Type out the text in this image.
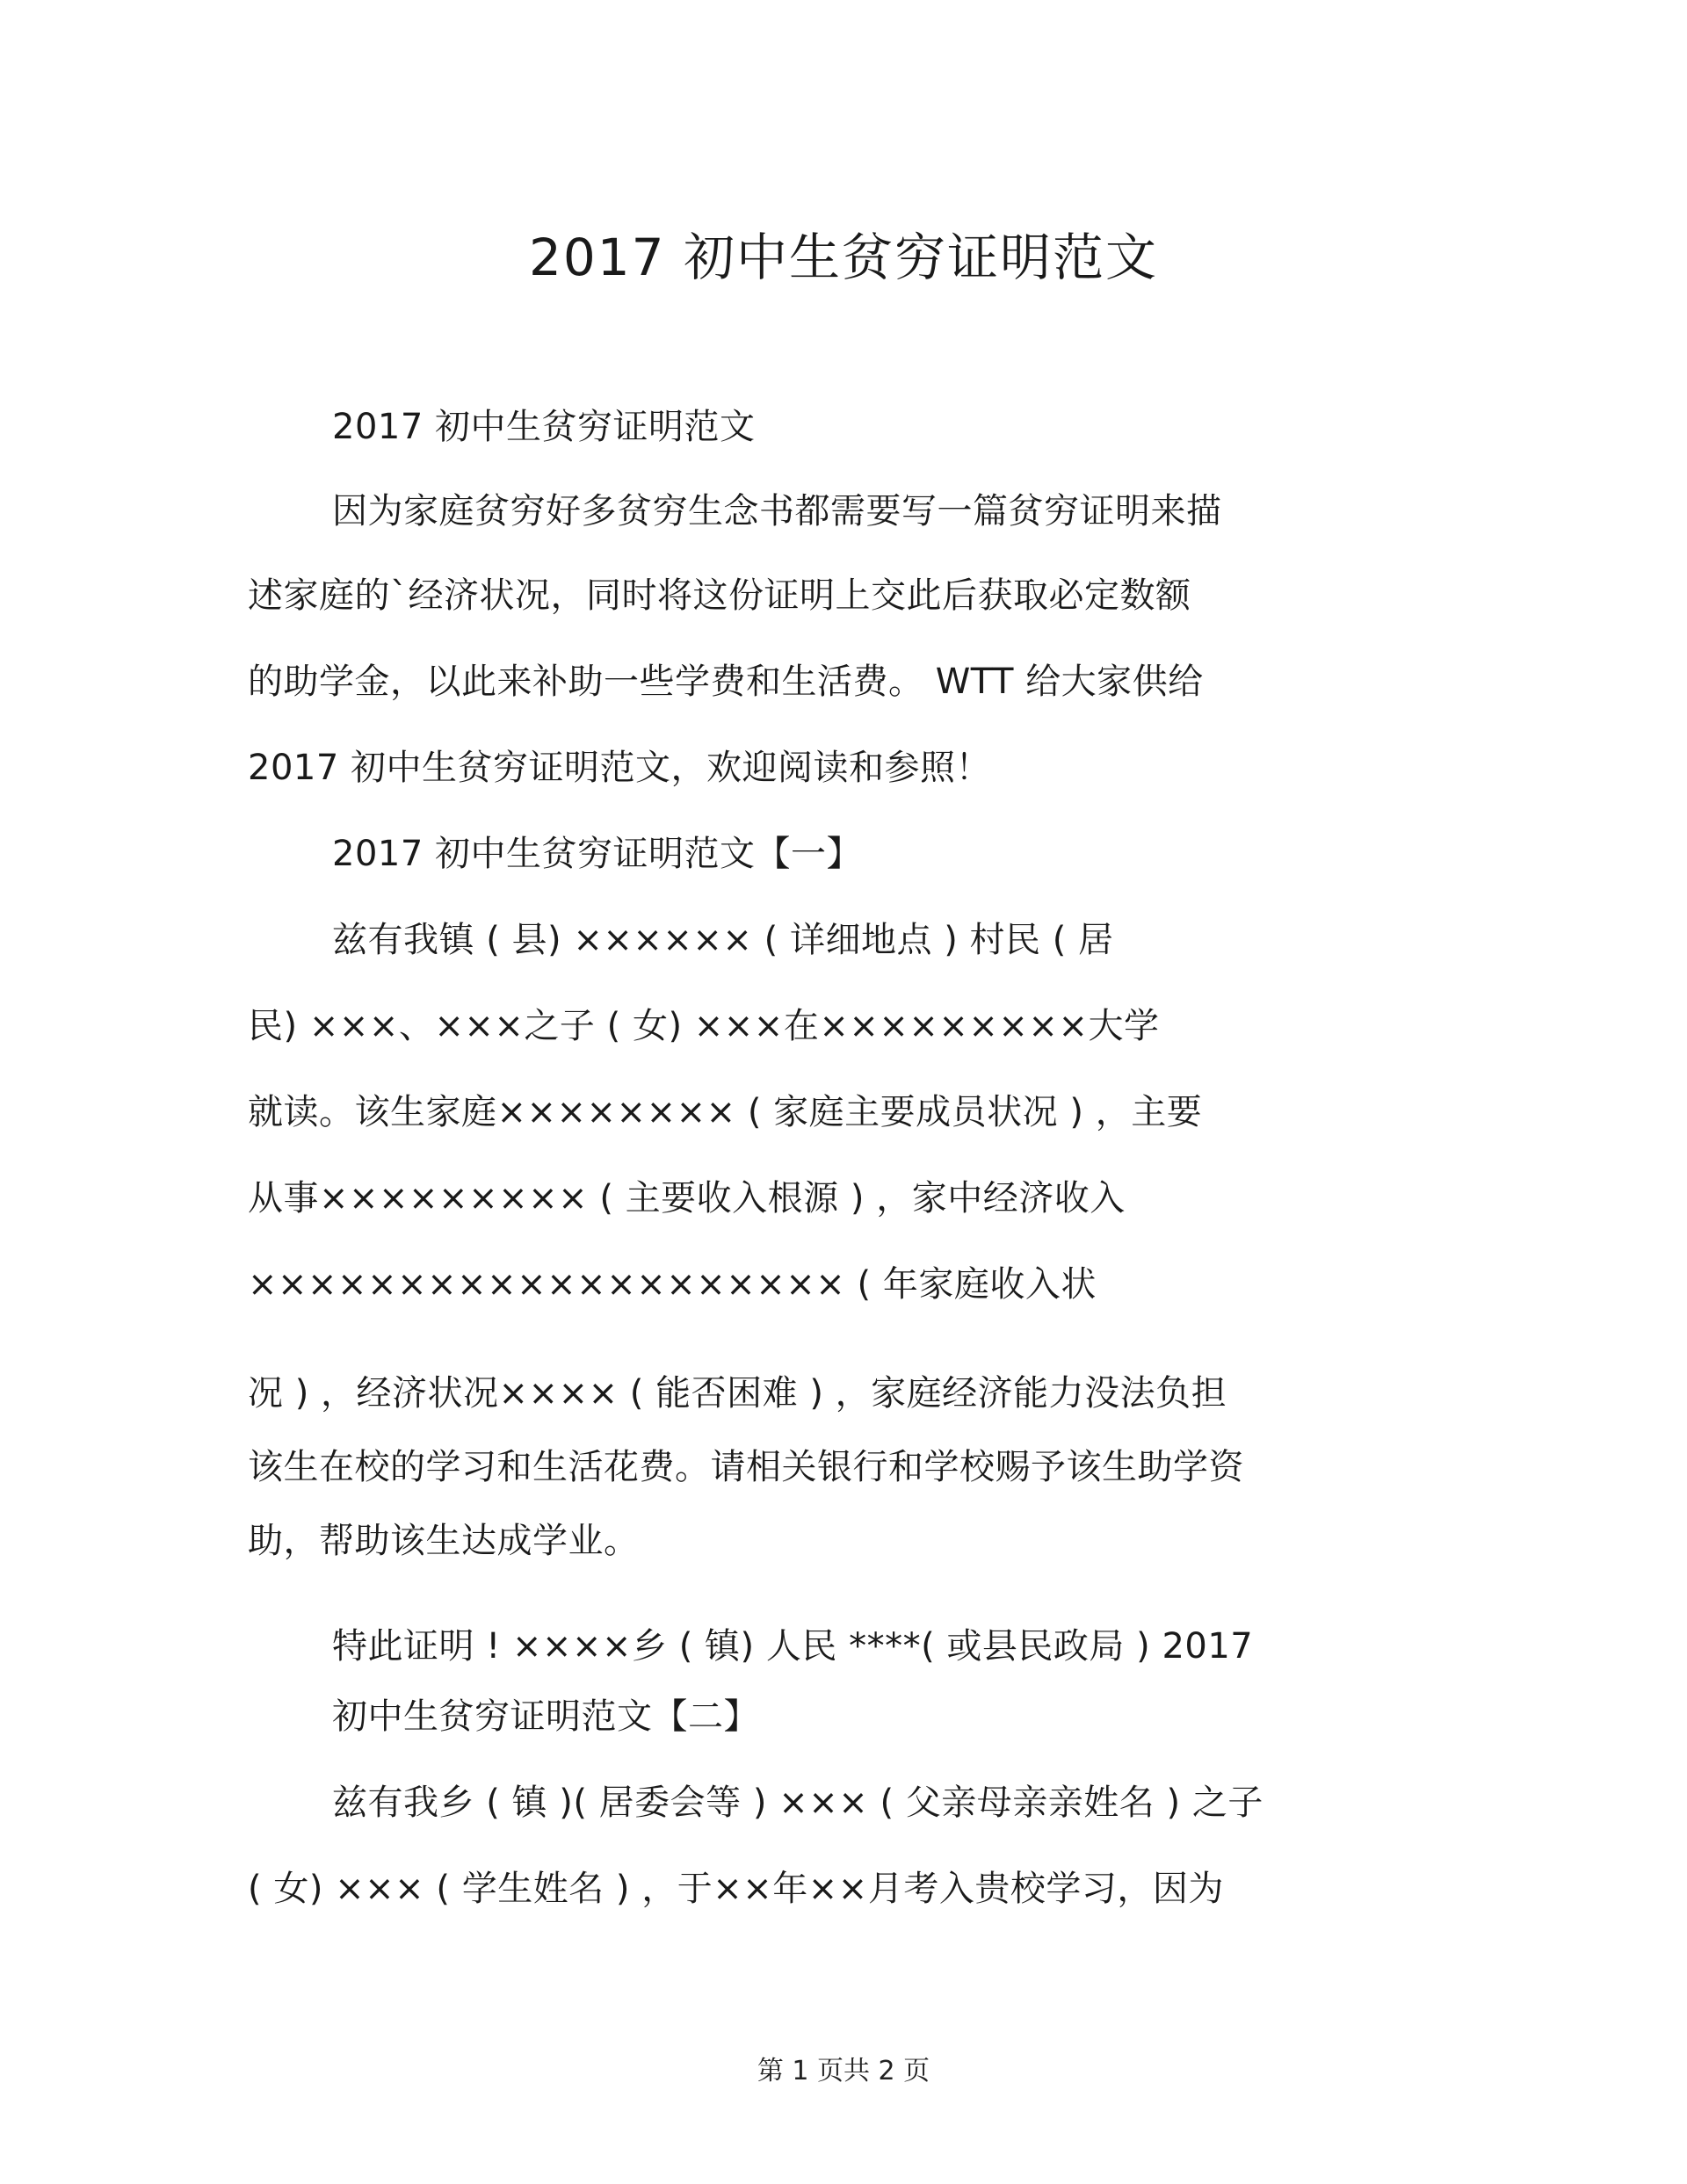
2017 初中生贫穷证明范文
2017 初中生贫穷证明范文
因为家庭贫穷好多贫穷生念书都需要写一篇贫穷证明来描
述家庭的`经济状况，同时将这份证明上交此后获取必定数额
的助学金，以此来补助一些学费和生活费。 WTT 给大家供给
2017 初中生贫穷证明范文，欢迎阅读和参照！
2017 初中生贫穷证明范文【一】
兹有我镇 ( 县) ×××××× ( 详细地点 ) 村民 ( 居
民) ×××、×××之子 ( 女) ×××在×××××××××大学
就读。该生家庭×××××××× ( 家庭主要成员状况 ) ，主要
从事××××××××× ( 主要收入根源 ) ，家中经济收入
×××××××××××××××××××× ( 年家庭收入状
况 ) ，经济状况×××× ( 能否困难 ) ，家庭经济能力没法负担
该生在校的学习和生活花费。请相关银行和学校赐予该生助学资
助，帮助该生达成学业。
特此证明 ! ××××乡 ( 镇) 人民 ****( 或县民政局 ) 2017
初中生贫穷证明范文【二】
兹有我乡 ( 镇 )( 居委会等 ) ××× ( 父亲母亲亲姓名 ) 之子
( 女) ××× ( 学生姓名 ) ，于××年××月考入贵校学习，因为
第 1 页共 2 页
